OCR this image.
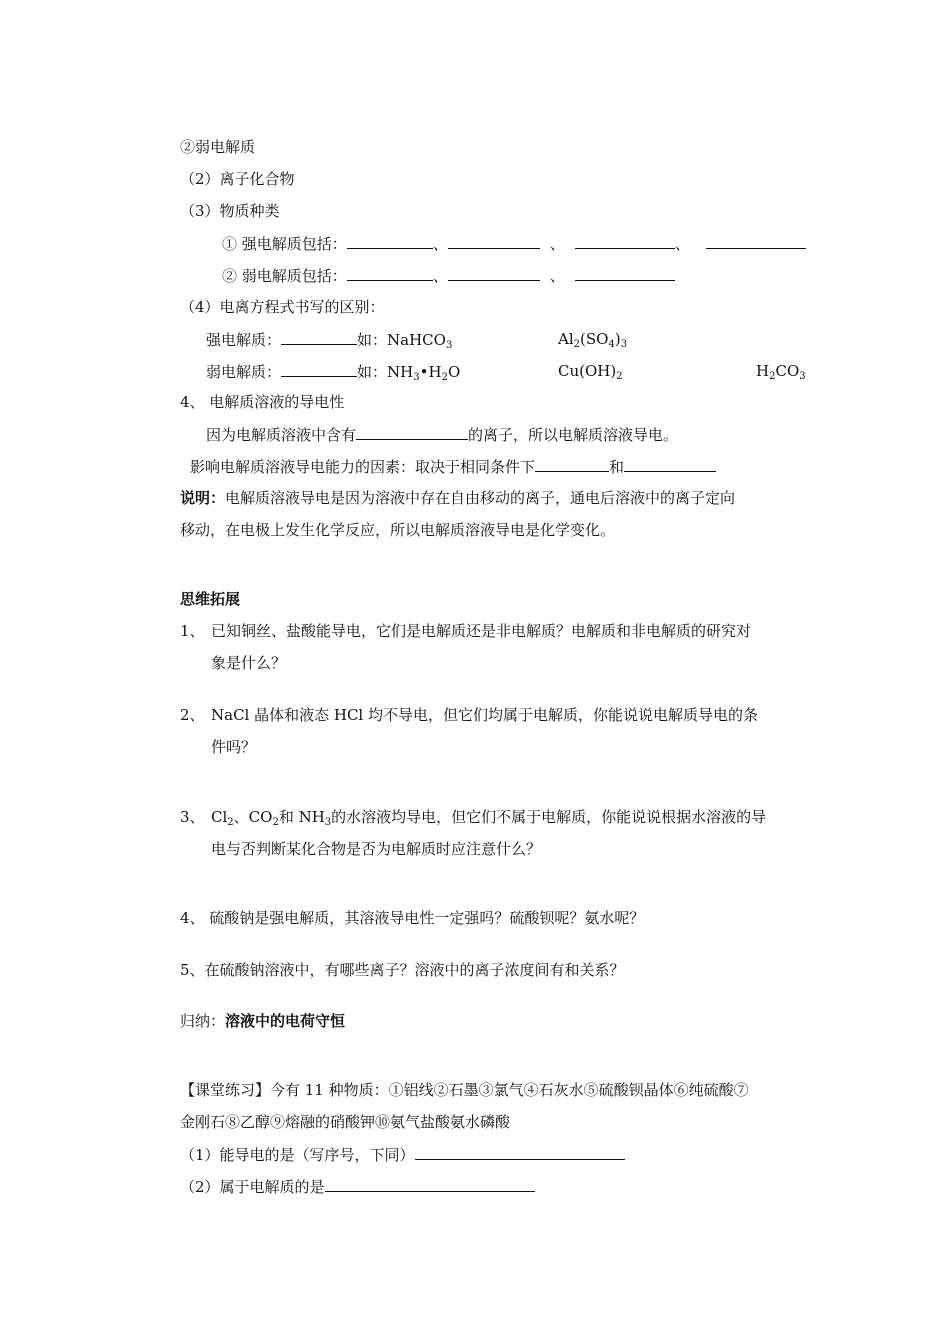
②弱电解质
（2）离子化合物
（3）物质种类
① 强电解质包括：	、	、	、
② 弱电解质包括：	、	、
（4）电离方程式书写的区别：
强电解质：	如：NaHCO$_3$	$Al_2(SO_4)_3$
弱电解质：	如：$NH_3•H_2O$	$Cu(OH)_2$	$H_2CO_3$
4、 电解质溶液的导电性
因为电解质溶液中含有	的离子，所以电解质溶液导电。
影响电解质溶液导电能力的因素：取决于相同条件下	和
说明：电解质溶液导电是因为溶液中存在自由移动的离子，通电后溶液中的离子定向
移动，在电极上发生化学反应，所以电解质溶液导电是化学变化。
思维拓展
1、 已知铜丝、盐酸能导电，它们是电解质还是非电解质？电解质和非电解质的研究对
象是什么？
2、 NaCl 晶体和液态 HCl 均不导电，但它们均属于电解质，你能说说电解质导电的条
件吗？
3、 $Cl_2$、$CO_2$和 $NH_3$的水溶液均导电，但它们不属于电解质，你能说说根据水溶液的导
电与否判断某化合物是否为电解质时应注意什么？
4、 硫酸钠是强电解质，其溶液导电性一定强吗？硫酸钡呢？氨水呢？
5、在硫酸钠溶液中，有哪些离子？溶液中的离子浓度间有和关系？
归纳：溶液中的电荷守恒
【课堂练习】今有 11 种物质：①铝线②石墨③氯气④石灰水⑤硫酸钡晶体⑥纯硫酸⑦
金刚石⑧乙醇⑨熔融的硝酸钾⑩氨气盐酸氨水磷酸
（1）能导电的是（写序号，下同）
（2）属于电解质的是
